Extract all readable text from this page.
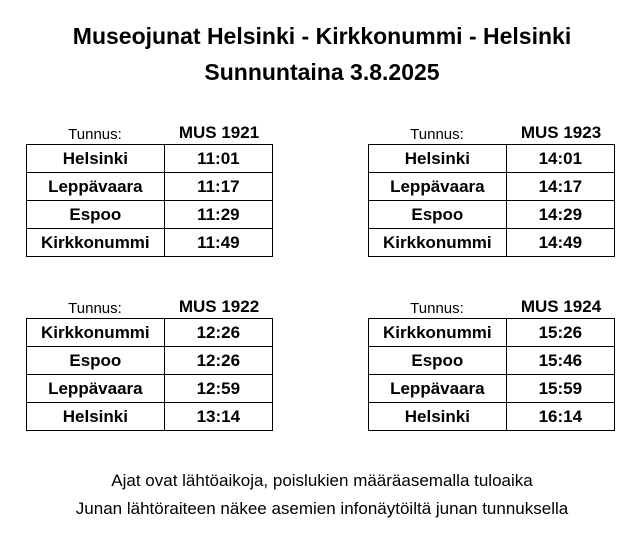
Museojunat Helsinki - Kirkkonummi - Helsinki
Sunnuntaina 3.8.2025
Tunnus:	MUS 1921
Helsinki	11:01
Leppävaara	11:17
Espoo	11:29
Kirkkonummi	11:49
Tunnus:	MUS 1923
Helsinki	14:01
Leppävaara	14:17
Espoo	14:29
Kirkkonummi	14:49
Tunnus:	MUS 1922
Kirkkonummi	12:26
Espoo	12:26
Leppävaara	12:59
Helsinki	13:14
Tunnus:	MUS 1924
Kirkkonummi	15:26
Espoo	15:46
Leppävaara	15:59
Helsinki	16:14
Ajat ovat lähtöaikoja, poislukien määräasemalla tuloaika
Junan lähtöraiteen näkee asemien infonäytöiltä junan tunnuksella
